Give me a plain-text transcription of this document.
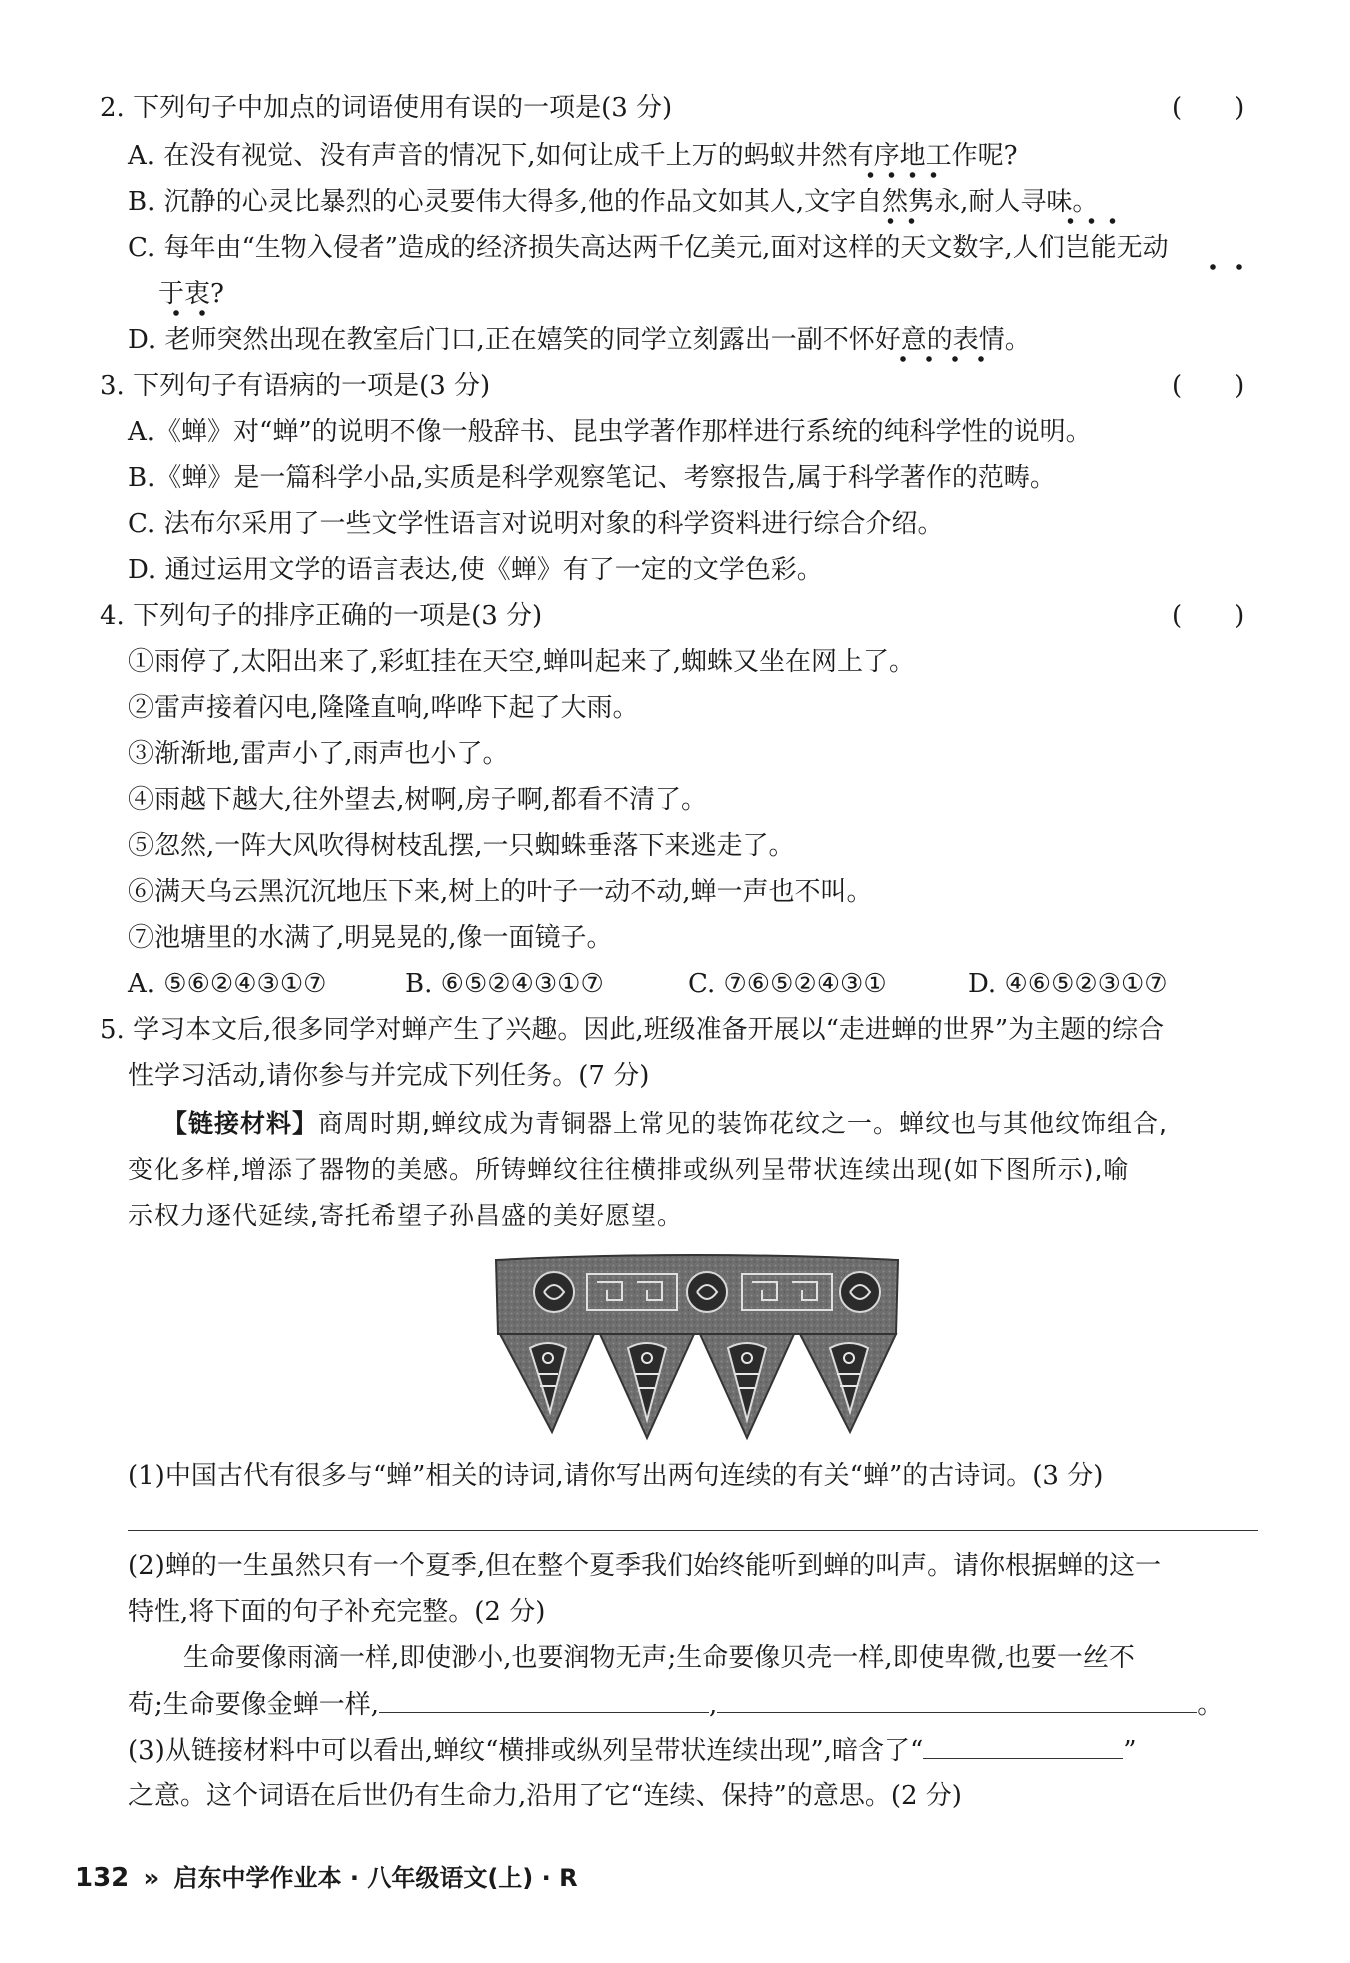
2. 下列句子中加点的词语使用有误的一项是(3 分)	(　　)
A. 在没有视觉、没有声音的情况下,如何让成千上万的蚂蚁井然有序地工作呢?
B. 沉静的心灵比暴烈的心灵要伟大得多,他的作品文如其人,文字自然隽永,耐人寻味。
C. 每年由“生物入侵者”造成的经济损失高达两千亿美元,面对这样的天文数字,人们岂能无动
于衷?
D. 老师突然出现在教室后门口,正在嬉笑的同学立刻露出一副不怀好意的表情。
3. 下列句子有语病的一项是(3 分)	(　　)
A.《蝉》对“蝉”的说明不像一般辞书、昆虫学著作那样进行系统的纯科学性的说明。
B.《蝉》是一篇科学小品,实质是科学观察笔记、考察报告,属于科学著作的范畴。
C. 法布尔采用了一些文学性语言对说明对象的科学资料进行综合介绍。
D. 通过运用文学的语言表达,使《蝉》有了一定的文学色彩。
4. 下列句子的排序正确的一项是(3 分)	(　　)
①雨停了,太阳出来了,彩虹挂在天空,蝉叫起来了,蜘蛛又坐在网上了。
②雷声接着闪电,隆隆直响,哗哗下起了大雨。
③渐渐地,雷声小了,雨声也小了。
④雨越下越大,往外望去,树啊,房子啊,都看不清了。
⑤忽然,一阵大风吹得树枝乱摆,一只蜘蛛垂落下来逃走了。
⑥满天乌云黑沉沉地压下来,树上的叶子一动不动,蝉一声也不叫。
⑦池塘里的水满了,明晃晃的,像一面镜子。
A. ⑤⑥②④③①⑦	B. ⑥⑤②④③①⑦	C. ⑦⑥⑤②④③①	D. ④⑥⑤②③①⑦
5. 学习本文后,很多同学对蝉产生了兴趣。因此,班级准备开展以“走进蝉的世界”为主题的综合
性学习活动,请你参与并完成下列任务。(7 分)
【链接材料】商周时期,蝉纹成为青铜器上常见的装饰花纹之一。蝉纹也与其他纹饰组合,
变化多样,增添了器物的美感。所铸蝉纹往往横排或纵列呈带状连续出现(如下图所示),喻
示权力逐代延续,寄托希望子孙昌盛的美好愿望。
(1)中国古代有很多与“蝉”相关的诗词,请你写出两句连续的有关“蝉”的古诗词。(3 分)
(2)蝉的一生虽然只有一个夏季,但在整个夏季我们始终能听到蝉的叫声。请你根据蝉的这一
特性,将下面的句子补充完整。(2 分)
生命要像雨滴一样,即使渺小,也要润物无声;生命要像贝壳一样,即使卑微,也要一丝不
苟;生命要像金蝉一样,	,	。
(3)从链接材料中可以看出,蝉纹“横排或纵列呈带状连续出现”,暗含了“	”
之意。这个词语在后世仍有生命力,沿用了它“连续、保持”的意思。(2 分)
132 » 启东中学作业本 · 八年级语文(上) · R
